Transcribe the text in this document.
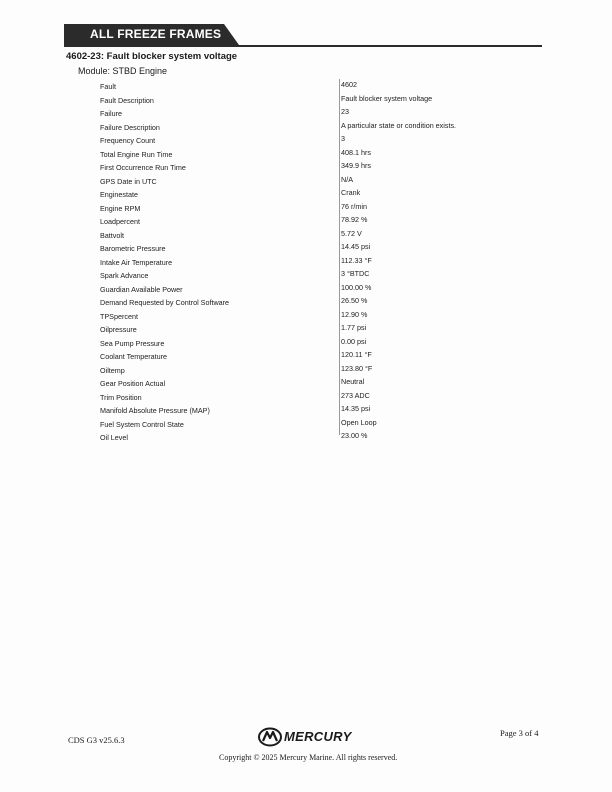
ALL FREEZE FRAMES
4602-23: Fault blocker system voltage
Module: STBD Engine
Fault	4602
Fault Description	Fault blocker system voltage
Failure	23
Failure Description	A particular state or condition exists.
Frequency Count	3
Total Engine Run Time	408.1 hrs
First Occurrence Run Time	349.9 hrs
GPS Date in UTC	N/A
Enginestate	Crank
Engine RPM	76 r/min
Loadpercent	78.92 %
Battvolt	5.72 V
Barometric Pressure	14.45 psi
Intake Air Temperature	112.33 °F
Spark Advance	3 °BTDC
Guardian Available Power	100.00 %
Demand Requested by Control Software	26.50 %
TPSpercent	12.90 %
Oilpressure	1.77 psi
Sea Pump Pressure	0.00 psi
Coolant Temperature	120.11 °F
Oiltemp	123.80 °F
Gear Position Actual	Neutral
Trim Position	273 ADC
Manifold Absolute Pressure (MAP)	14.35 psi
Fuel System Control State	Open Loop
Oil Level	23.00 %
CDS G3 v25.6.3	MERCURY	Page 3 of 4
Copyright © 2025 Mercury Marine. All rights reserved.
